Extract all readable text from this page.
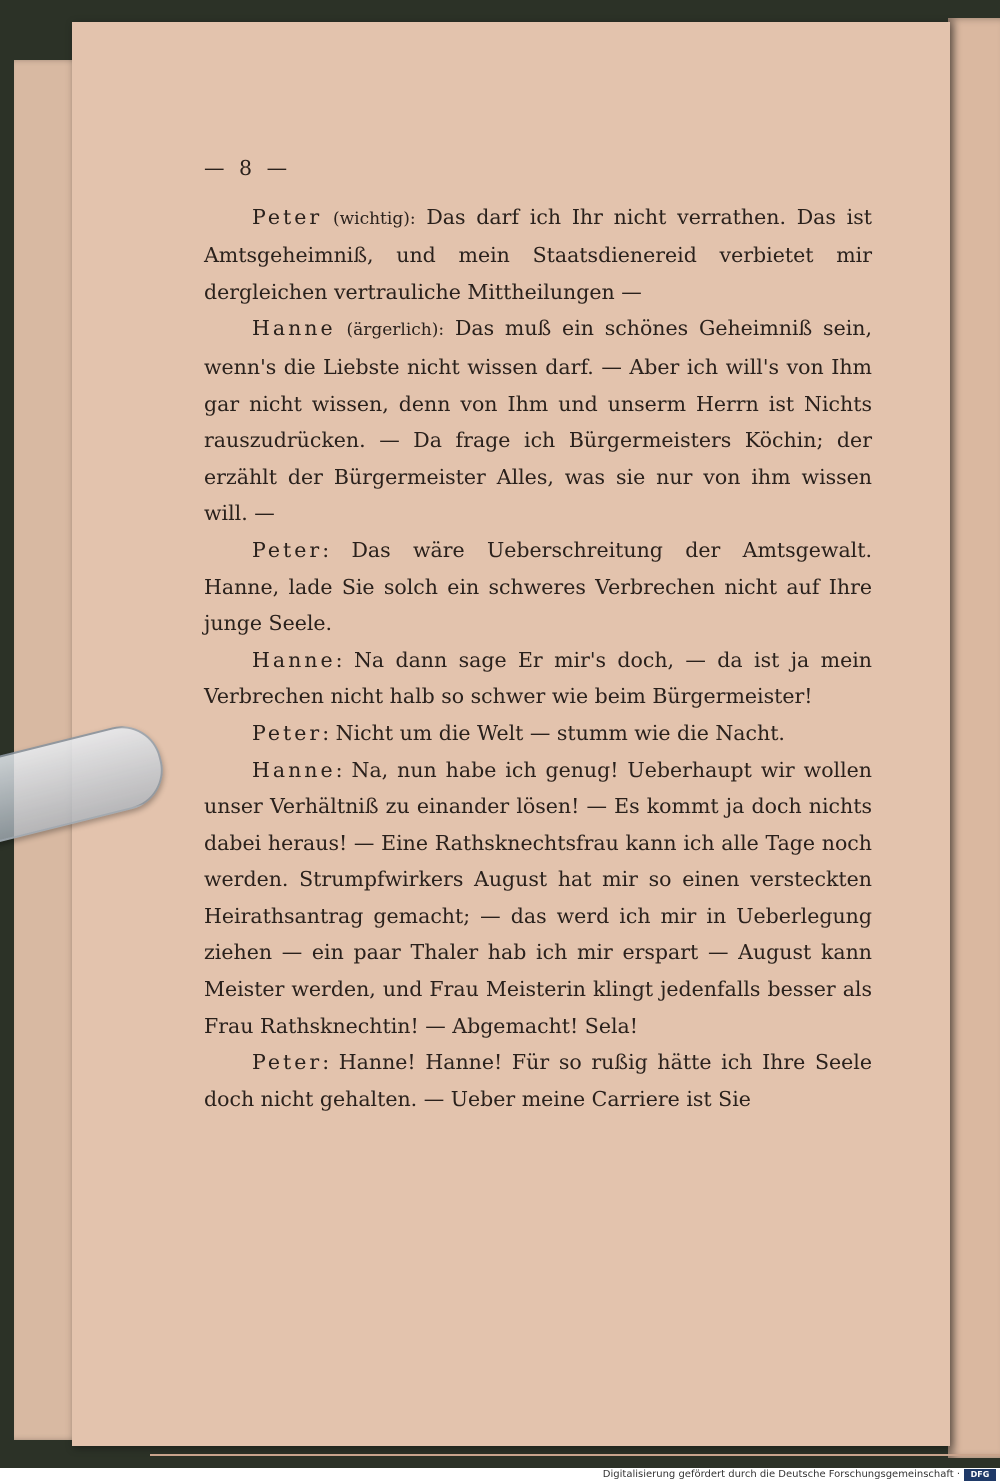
— 8 —

Peter (wichtig): Das darf ich Ihr nicht verrathen. Das ist Amtsgeheimniß, und mein Staatsdienereid verbietet mir dergleichen vertrauliche Mittheilungen —

Hanne (ärgerlich): Das muß ein schönes Geheimniß sein, wenn's die Liebste nicht wissen darf. — Aber ich will's von Ihm gar nicht wissen, denn von Ihm und unserm Herrn ist Nichts rauszudrücken. — Da frage ich Bürgermeisters Köchin; der erzählt der Bürgermeister Alles, was sie nur von ihm wissen will. —

Peter: Das wäre Ueberschreitung der Amtsgewalt. Hanne, lade Sie solch ein schweres Verbrechen nicht auf Ihre junge Seele.

Hanne: Na dann sage Er mir's doch, — da ist ja mein Verbrechen nicht halb so schwer wie beim Bürgermeister!

Peter: Nicht um die Welt — stumm wie die Nacht.

Hanne: Na, nun habe ich genug! Ueberhaupt wir wollen unser Verhältniß zu einander lösen! — Es kommt ja doch nichts dabei heraus! — Eine Rathsknechtsfrau kann ich alle Tage noch werden. Strumpfwirkers August hat mir so einen versteckten Heirathsantrag gemacht; — das werd ich mir in Ueberlegung ziehen — ein paar Thaler hab ich mir erspart — August kann Meister werden, und Frau Meisterin klingt jedenfalls besser als Frau Rathsknechtin! — Abgemacht! Sela!

Peter: Hanne! Hanne! Für so rußig hätte ich Ihre Seele doch nicht gehalten. — Ueber meine Carriere ist Sie

Digitalisierung gefördert durch die Deutsche Forschungsgemeinschaft ·	DFG
